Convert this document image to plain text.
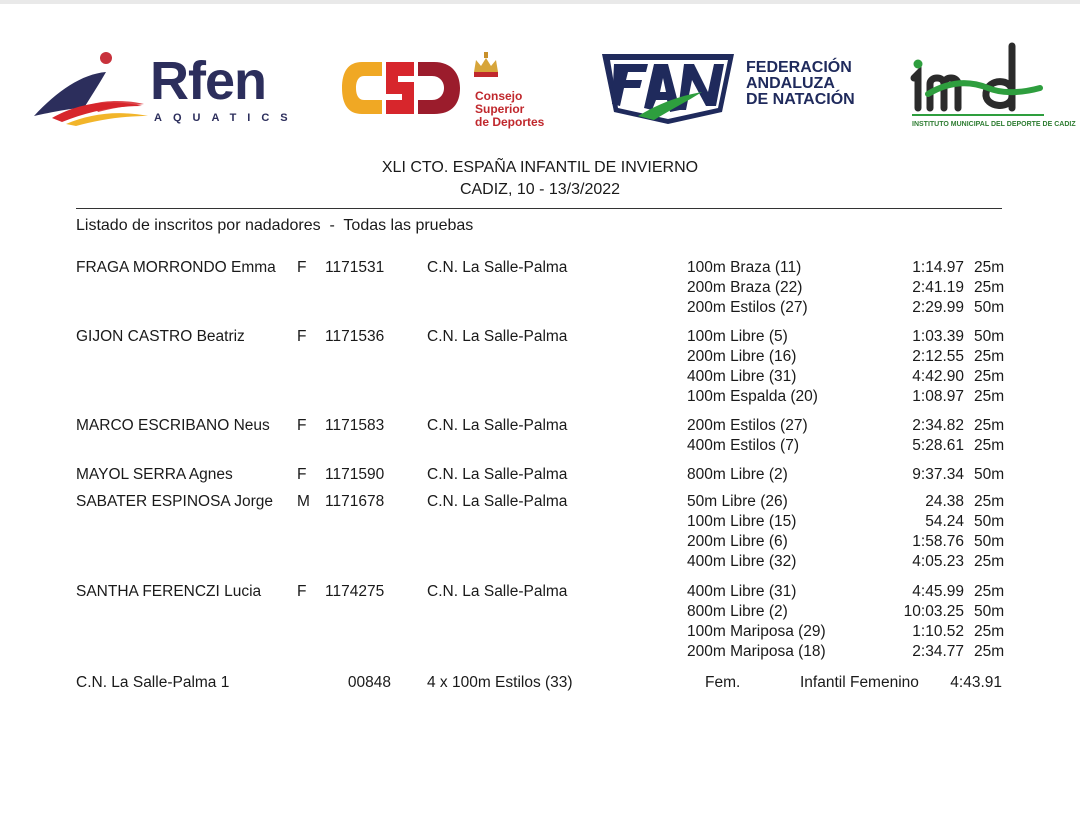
Rfen
AQUATICS
Consejo
Superior
de Deportes
FEDERACIÓN
ANDALUZA
DE NATACIÓN
INSTITUTO MUNICIPAL DEL DEPORTE DE CADIZ
XLI CTO. ESPAÑA INFANTIL DE INVIERNO
CADIZ, 10 - 13/3/2022
Listado de inscritos por nadadores  -  Todas las pruebas
FRAGA MORRONDO Emma F 1171531	C.N. La Salle-Palma	100m Braza (11)	1:14.97 25m
200m Braza (22)	2:41.19 25m
200m Estilos (27)	2:29.99 50m
GIJON CASTRO Beatriz	F 1171536	C.N. La Salle-Palma	100m Libre (5)	1:03.39 50m
200m Libre (16)	2:12.55 25m
400m Libre (31)	4:42.90 25m
100m Espalda (20)	1:08.97 25m
MARCO ESCRIBANO Neus F 1171583	C.N. La Salle-Palma	200m Estilos (27)	2:34.82 25m
400m Estilos (7)	5:28.61 25m
MAYOL SERRA Agnes	F 1171590	C.N. La Salle-Palma	800m Libre (2)	9:37.34 50m
SABATER ESPINOSA Jorge M 1171678	C.N. La Salle-Palma	50m Libre (26)	24.38 25m
100m Libre (15)	54.24 50m
200m Libre (6)	1:58.76 50m
400m Libre (32)	4:05.23 25m
SANTHA FERENCZI Lucia F 1174275	C.N. La Salle-Palma	400m Libre (31)	4:45.99 25m
800m Libre (2)	10:03.25 50m
100m Mariposa (29)	1:10.52 25m
200m Mariposa (18)	2:34.77 25m
C.N. La Salle-Palma 1	00848 4 x 100m Estilos (33)	Fem.	Infantil Femenino 4:43.91
